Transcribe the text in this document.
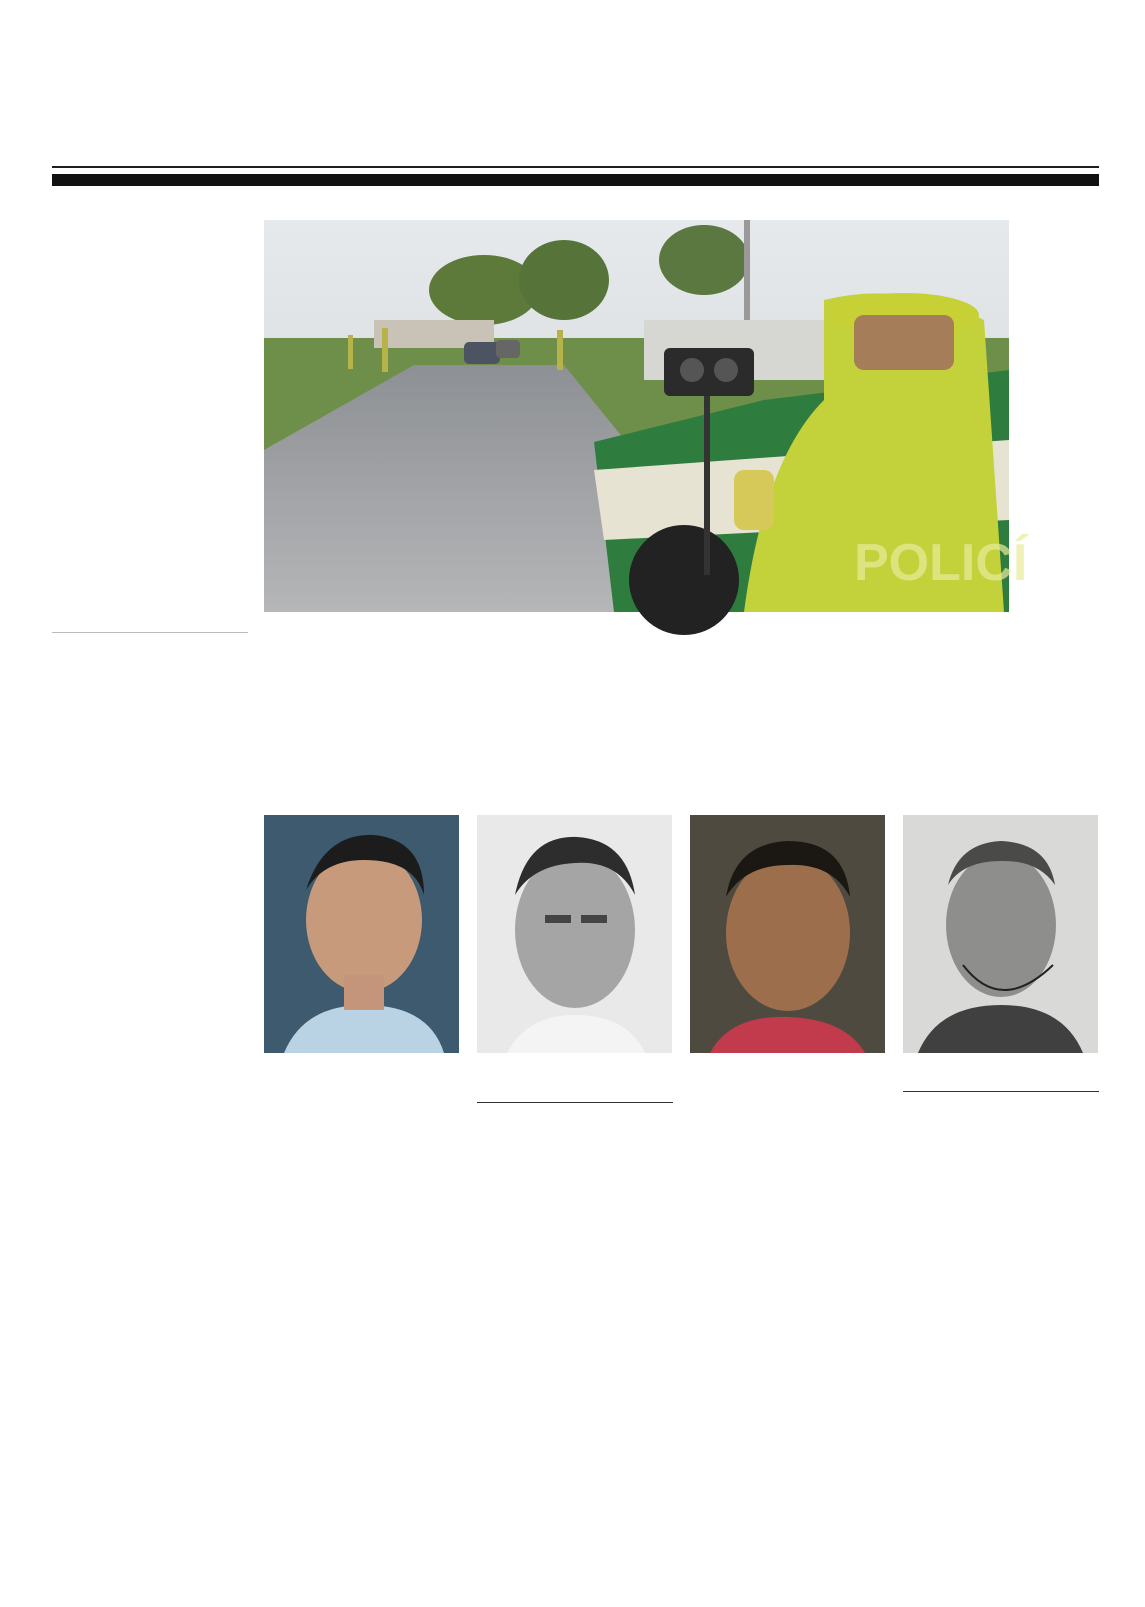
POLICÍ
